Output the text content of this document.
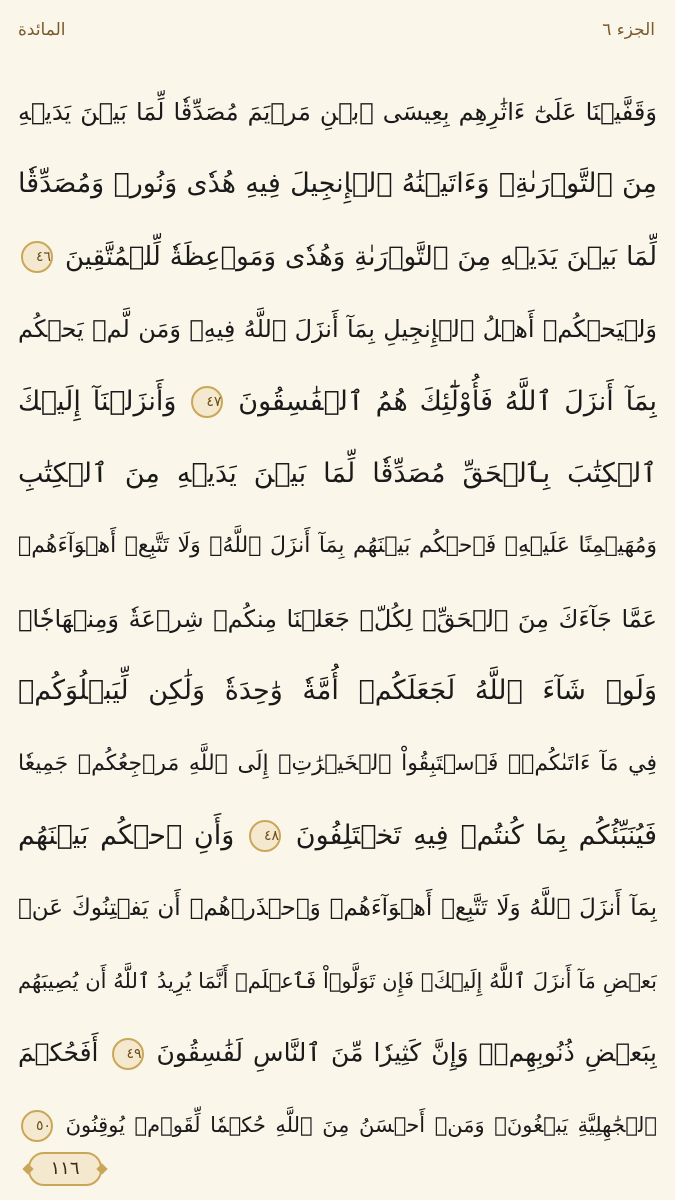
الجزء ٦
المائدة
وَقَفَّيۡنَا عَلَىٰٓ ءَاثَٰرِهِم بِعِيسَى ٱبۡنِ مَرۡيَمَ مُصَدِّقٗا لِّمَا بَيۡنَ يَدَيۡهِ
مِنَ ٱلتَّوۡرَىٰةِۖ وَءَاتَيۡنَٰهُ ٱلۡإِنجِيلَ فِيهِ هُدٗى وَنُورٞ وَمُصَدِّقٗا
لِّمَا بَيۡنَ يَدَيۡهِ مِنَ ٱلتَّوۡرَىٰةِ وَهُدٗى وَمَوۡعِظَةٗ لِّلۡمُتَّقِينَ ٤٦
وَلۡيَحۡكُمۡ أَهۡلُ ٱلۡإِنجِيلِ بِمَآ أَنزَلَ ٱللَّهُ فِيهِۚ وَمَن لَّمۡ يَحۡكُم
بِمَآ أَنزَلَ ٱللَّهُ فَأُوْلَٰٓئِكَ هُمُ ٱلۡفَٰسِقُونَ ٤٧ وَأَنزَلۡنَآ إِلَيۡكَ
ٱلۡكِتَٰبَ بِٱلۡحَقِّ مُصَدِّقٗا لِّمَا بَيۡنَ يَدَيۡهِ مِنَ ٱلۡكِتَٰبِ
وَمُهَيۡمِنًا عَلَيۡهِۖ فَٱحۡكُم بَيۡنَهُم بِمَآ أَنزَلَ ٱللَّهُۖ وَلَا تَتَّبِعۡ أَهۡوَآءَهُمۡ
عَمَّا جَآءَكَ مِنَ ٱلۡحَقِّۚ لِكُلّٖ جَعَلۡنَا مِنكُمۡ شِرۡعَةٗ وَمِنۡهَاجٗاۚ
وَلَوۡ شَآءَ ٱللَّهُ لَجَعَلَكُمۡ أُمَّةٗ وَٰحِدَةٗ وَلَٰكِن لِّيَبۡلُوَكُمۡ
فِي مَآ ءَاتَىٰكُمۡۖ فَٱسۡتَبِقُواْ ٱلۡخَيۡرَٰتِۚ إِلَى ٱللَّهِ مَرۡجِعُكُمۡ جَمِيعٗا
فَيُنَبِّئُكُم بِمَا كُنتُمۡ فِيهِ تَخۡتَلِفُونَ ٤٨ وَأَنِ ٱحۡكُم بَيۡنَهُم
بِمَآ أَنزَلَ ٱللَّهُ وَلَا تَتَّبِعۡ أَهۡوَآءَهُمۡ وَٱحۡذَرۡهُمۡ أَن يَفۡتِنُوكَ عَنۢ
بَعۡضِ مَآ أَنزَلَ ٱللَّهُ إِلَيۡكَۖ فَإِن تَوَلَّوۡاْ فَٱعۡلَمۡ أَنَّمَا يُرِيدُ ٱللَّهُ أَن يُصِيبَهُم
بِبَعۡضِ ذُنُوبِهِمۡۗ وَإِنَّ كَثِيرٗا مِّنَ ٱلنَّاسِ لَفَٰسِقُونَ ٤٩ أَفَحُكۡمَ
ٱلۡجَٰهِلِيَّةِ يَبۡغُونَۚ وَمَنۡ أَحۡسَنُ مِنَ ٱللَّهِ حُكۡمٗا لِّقَوۡمٖ يُوقِنُونَ ٥٠
١١٦
